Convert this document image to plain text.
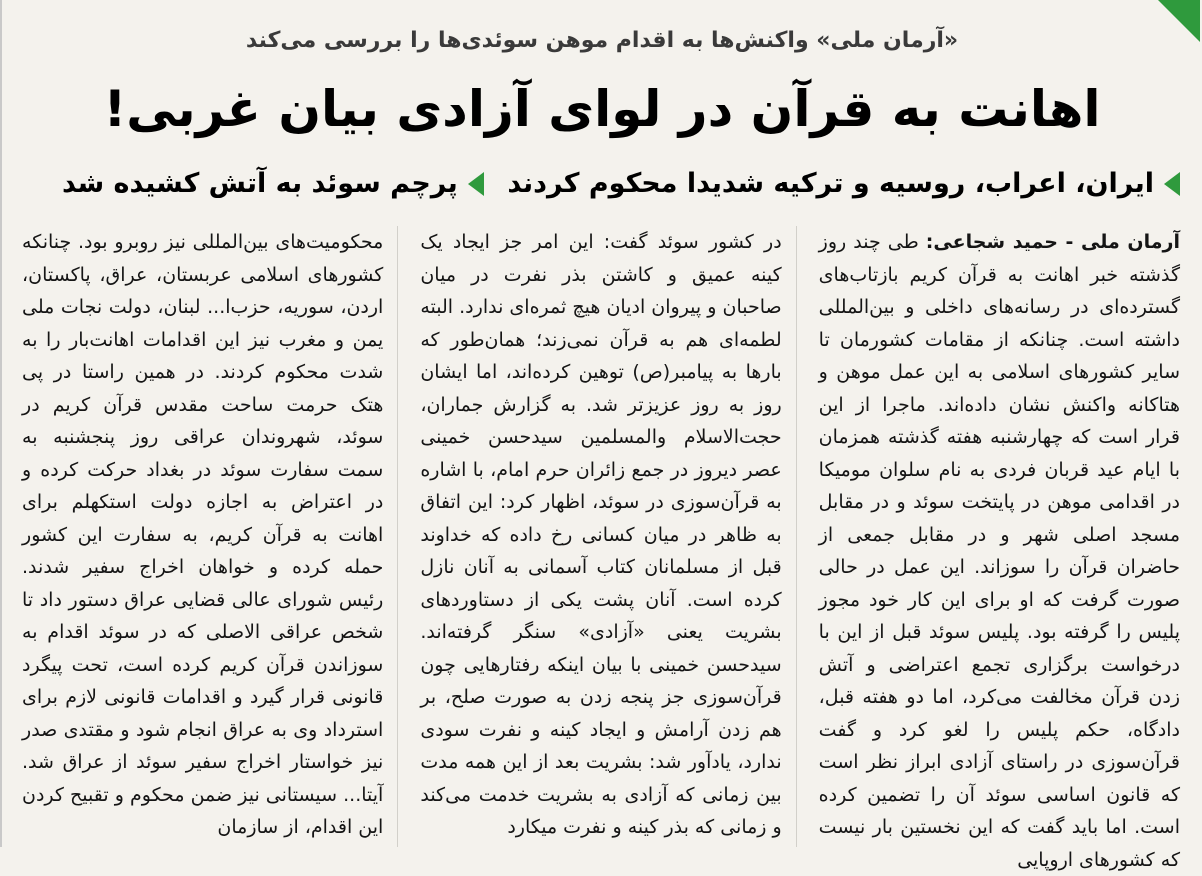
«آرمان ملی» واکنش‌ها به اقدام موهن سوئدی‌ها را بررسی می‌کند
اهانت به قرآن در لوای آزادی بیان غربی!
ایران، اعراب، روسیه و ترکیه شدیدا محکوم کردند
پرچم سوئد به آتش کشیده شد

آرمان ملی - حمید شجاعی: طی چند روز گذشته خبر اهانت به قرآن کریم بازتاب‌های گسترده‌ای در رسانه‌های داخلی و بین‌المللی داشته است. چنانکه از مقامات کشورمان تا سایر کشورهای اسلامی به این عمل موهن و هتاکانه واکنش نشان داده‌اند. ماجرا از این قرار است که چهارشنبه هفته گذشته همزمان با ایام عید قربان فردی به نام سلوان مومیکا در اقدامی موهن در پایتخت سوئد و در مقابل مسجد اصلی شهر و در مقابل جمعی از حاضران قرآن را سوزاند. این عمل در حالی صورت گرفت که او برای این کار خود مجوز پلیس را گرفته بود. پلیس سوئد قبل از این با درخواست برگزاری تجمع اعتراضی و آتش زدن قرآن مخالفت می‌کرد، اما دو هفته قبل، دادگاه، حکم پلیس را لغو کرد و گفت قرآن‌سوزی در راستای آزادی ابراز نظر است که قانون اساسی سوئد آن را تضمین کرده است. اما باید گفت که این نخستین بار نیست که کشورهای اروپایی

در کشور سوئد گفت: این امر جز ایجاد یک کینه عمیق و کاشتن بذر نفرت در میان صاحبان و پیروان ادیان هیچ ثمره‌ای ندارد. البته لطمه‌ای هم به قرآن نمی‌زند؛ همان‌طور که بارها به پیامبر(ص) توهین کرده‌اند، اما ایشان روز به روز عزیزتر شد. به گزارش جماران، حجت‌الاسلام والمسلمین سیدحسن خمینی عصر دیروز در جمع زائران حرم امام، با اشاره به قرآن‌سوزی در سوئد، اظهار کرد: این اتفاق به ظاهر در میان کسانی رخ داده که خداوند قبل از مسلمانان کتاب آسمانی به آنان نازل کرده است. آنان پشت یکی از دستاوردهای بشریت یعنی «آزادی» سنگر گرفته‌اند. سیدحسن خمینی با بیان اینکه رفتارهایی چون قرآن‌سوزی جز پنجه زدن به صورت صلح، بر هم زدن آرامش و ایجاد کینه و نفرت سودی ندارد، یادآور شد: بشریت بعد از این همه مدت بین زمانی که آزادی به بشریت خدمت می‌کند و زمانی که بذر کینه و نفرت میکارد

محکومیت‌های بین‌المللی نیز روبرو بود. چنانکه کشورهای اسلامی عربستان، عراق، پاکستان، اردن، سوریه، حزب‌ا... لبنان، دولت نجات ملی یمن و مغرب نیز این اقدامات اهانت‌بار را به شدت محکوم کردند. در همین راستا در پی هتک حرمت ساحت مقدس قرآن کریم در سوئد، شهروندان عراقی روز پنجشنبه به سمت سفارت سوئد در بغداد حرکت کرده و در اعتراض به اجازه دولت استکهلم برای اهانت به قرآن کریم، به سفارت این کشور حمله کرده و خواهان اخراج سفیر شدند. رئیس شورای عالی قضایی عراق دستور داد تا شخص عراقی الاصلی که در سوئد اقدام به سوزاندن قرآن کریم کرده است، تحت پیگرد قانونی قرار گیرد و اقدامات قانونی لازم برای استرداد وی به عراق انجام شود و مقتدی صدر نیز خواستار اخراج سفیر سوئد از عراق شد. آیتا... سیستانی نیز ضمن محکوم و تقبیح کردن این اقدام، از سازمان
